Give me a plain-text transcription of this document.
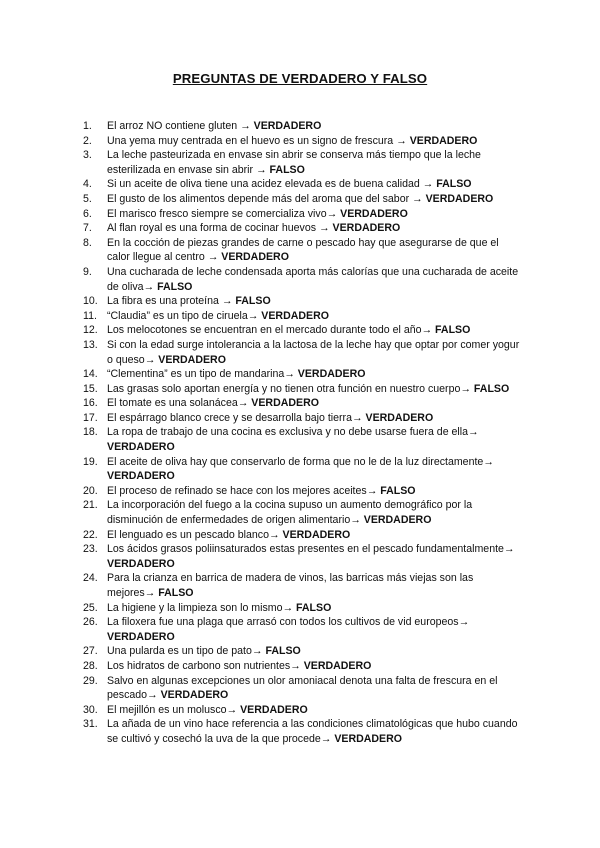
PREGUNTAS DE VERDADERO Y FALSO
1.	El arroz NO contiene gluten → VERDADERO
2.	Una yema muy centrada en el huevo es un signo de frescura → VERDADERO
3.	La leche pasteurizada en envase sin abrir se conserva más tiempo que la leche esterilizada en envase sin abrir → FALSO
4.	Si un aceite de oliva tiene una acidez elevada es de buena calidad → FALSO
5.	El gusto de los alimentos depende más del aroma que del sabor → VERDADERO
6.	El marisco fresco siempre se comercializa vivo→ VERDADERO
7.	Al flan royal es una forma de cocinar huevos → VERDADERO
8.	En la cocción de piezas grandes de carne o pescado hay que asegurarse de que el calor llegue al centro → VERDADERO
9.	Una cucharada de leche condensada aporta más calorías que una cucharada de aceite de oliva→ FALSO
10. La fibra es una proteína → FALSO
11. “Claudia” es un tipo de ciruela→ VERDADERO
12. Los melocotones se encuentran en el mercado durante todo el año→ FALSO
13. Si con la edad surge intolerancia a la lactosa de la leche hay que optar por comer yogur o queso→ VERDADERO
14. “Clementina” es un tipo de mandarina→ VERDADERO
15. Las grasas solo aportan energía y no tienen otra función en nuestro cuerpo→ FALSO
16. El tomate es una solanácea→ VERDADERO
17. El espárrago blanco crece y se desarrolla bajo tierra→ VERDADERO
18. La ropa de trabajo de una cocina es exclusiva y no debe usarse fuera de ella→ VERDADERO
19. El aceite de oliva hay que conservarlo de forma que no le de la luz directamente→ VERDADERO
20. El proceso de refinado se hace con los mejores aceites→ FALSO
21. La incorporación del fuego a la cocina supuso un aumento demográfico por la disminución de enfermedades de origen alimentario→ VERDADERO
22. El lenguado es un pescado blanco→ VERDADERO
23. Los ácidos grasos poliinsaturados estas presentes en el pescado fundamentalmente→ VERDADERO
24. Para la crianza en barrica de madera de vinos, las barricas más viejas son las mejores→ FALSO
25. La higiene y la limpieza son lo mismo→ FALSO
26. La filoxera fue una plaga que arrasó con todos los cultivos de vid europeos→ VERDADERO
27. Una pularda es un tipo de pato→ FALSO
28. Los hidratos de carbono son nutrientes→ VERDADERO
29. Salvo en algunas excepciones un olor amoniacal denota una falta de frescura en el pescado→ VERDADERO
30. El mejillón es un molusco→ VERDADERO
31. La añada de un vino hace referencia a las condiciones climatológicas que hubo cuando se cultivó y cosechó la uva de la que procede→ VERDADERO
